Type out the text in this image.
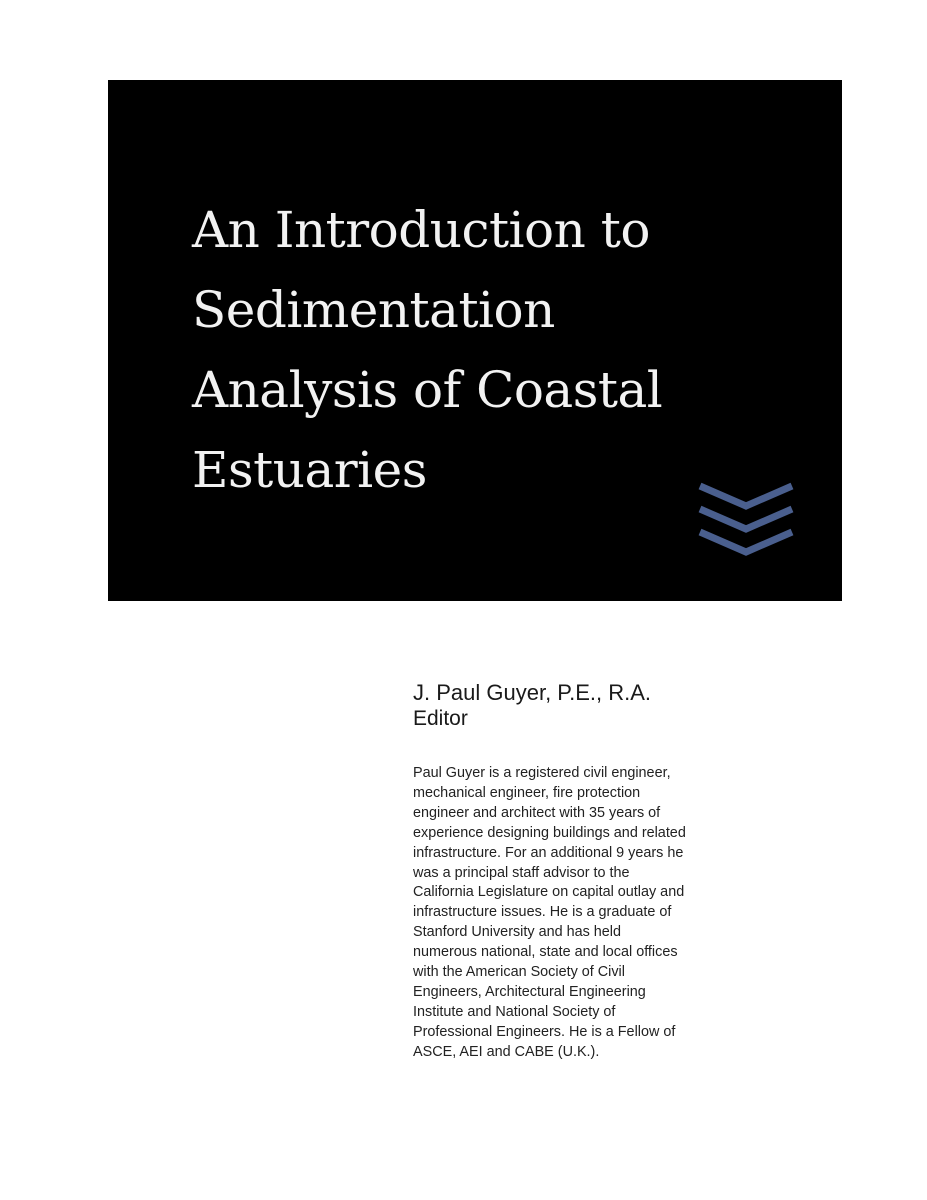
An Introduction to
Sedimentation
Analysis of Coastal
Estuaries
J. Paul Guyer, P.E., R.A.
Editor
Paul Guyer is a registered civil engineer,
mechanical engineer, fire protection
engineer and architect with 35 years of
experience designing buildings and related
infrastructure. For an additional 9 years he
was a principal staff advisor to the
California Legislature on capital outlay and
infrastructure issues. He is a graduate of
Stanford University and has held
numerous national, state and local offices
with the American Society of Civil
Engineers, Architectural Engineering
Institute and National Society of
Professional Engineers. He is a Fellow of
ASCE, AEI and CABE (U.K.).
